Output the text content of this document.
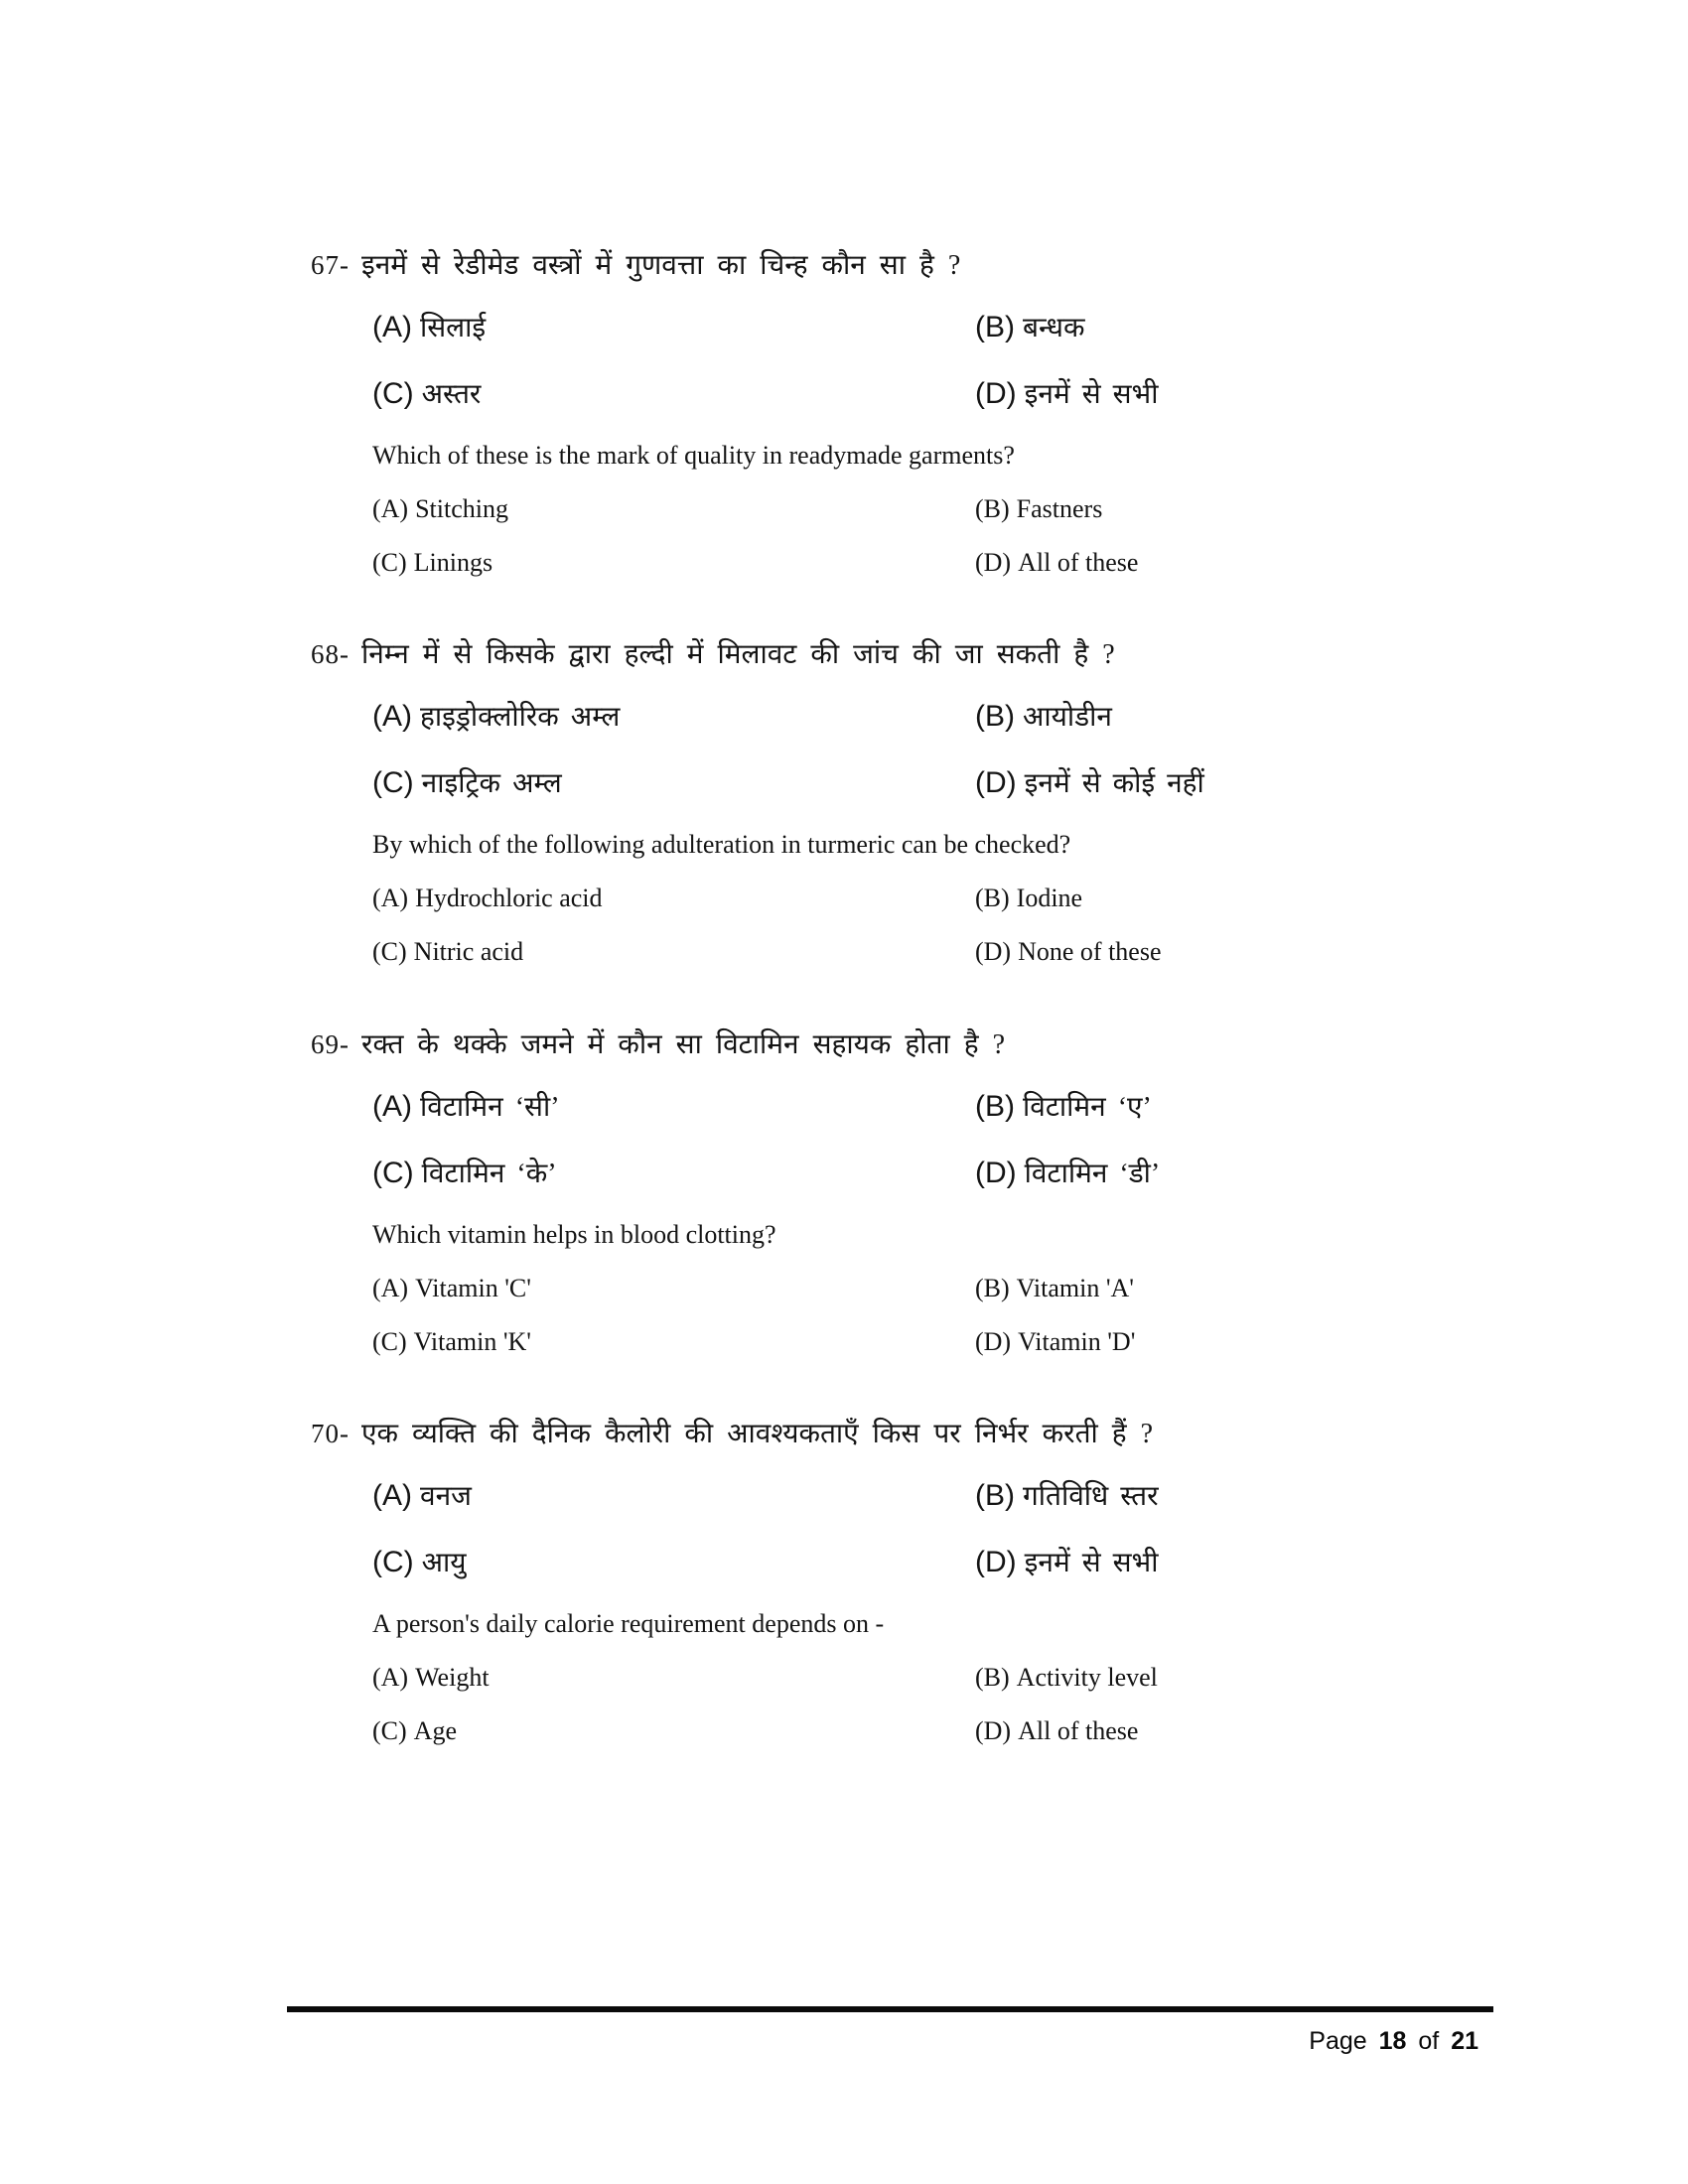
67- इनमें से रेडीमेड वस्त्रों में गुणवत्ता का चिन्ह कौन सा है ?
(A) सिलाई	(B) बन्धक
(C) अस्तर	(D) इनमें से सभी
Which of these is the mark of quality in readymade garments?
(A) Stitching	(B) Fastners
(C) Linings	(D) All of these
68- निम्न में से किसके द्वारा हल्दी में मिलावट की जांच की जा सकती है ?
(A) हाइड्रोक्लोरिक अम्ल	(B) आयोडीन
(C) नाइट्रिक अम्ल	(D) इनमें से कोई नहीं
By which of the following adulteration in turmeric can be checked?
(A) Hydrochloric acid	(B) Iodine
(C) Nitric acid	(D) None of these
69- रक्त के थक्के जमने में कौन सा विटामिन सहायक होता है ?
(A) विटामिन ‘सी’	(B) विटामिन ‘ए’
(C) विटामिन ‘के’	(D) विटामिन ‘डी’
Which vitamin helps in blood clotting?
(A) Vitamin 'C'	(B) Vitamin 'A'
(C) Vitamin 'K'	(D) Vitamin 'D'
70- एक व्यक्ति की दैनिक कैलोरी की आवश्यकताएँ किस पर निर्भर करती हैं ?
(A) वनज	(B) गतिविधि स्तर
(C) आयु	(D) इनमें से सभी
A person's daily calorie requirement depends on -
(A) Weight	(B) Activity level
(C) Age	(D) All of these
Page 18 of 21
